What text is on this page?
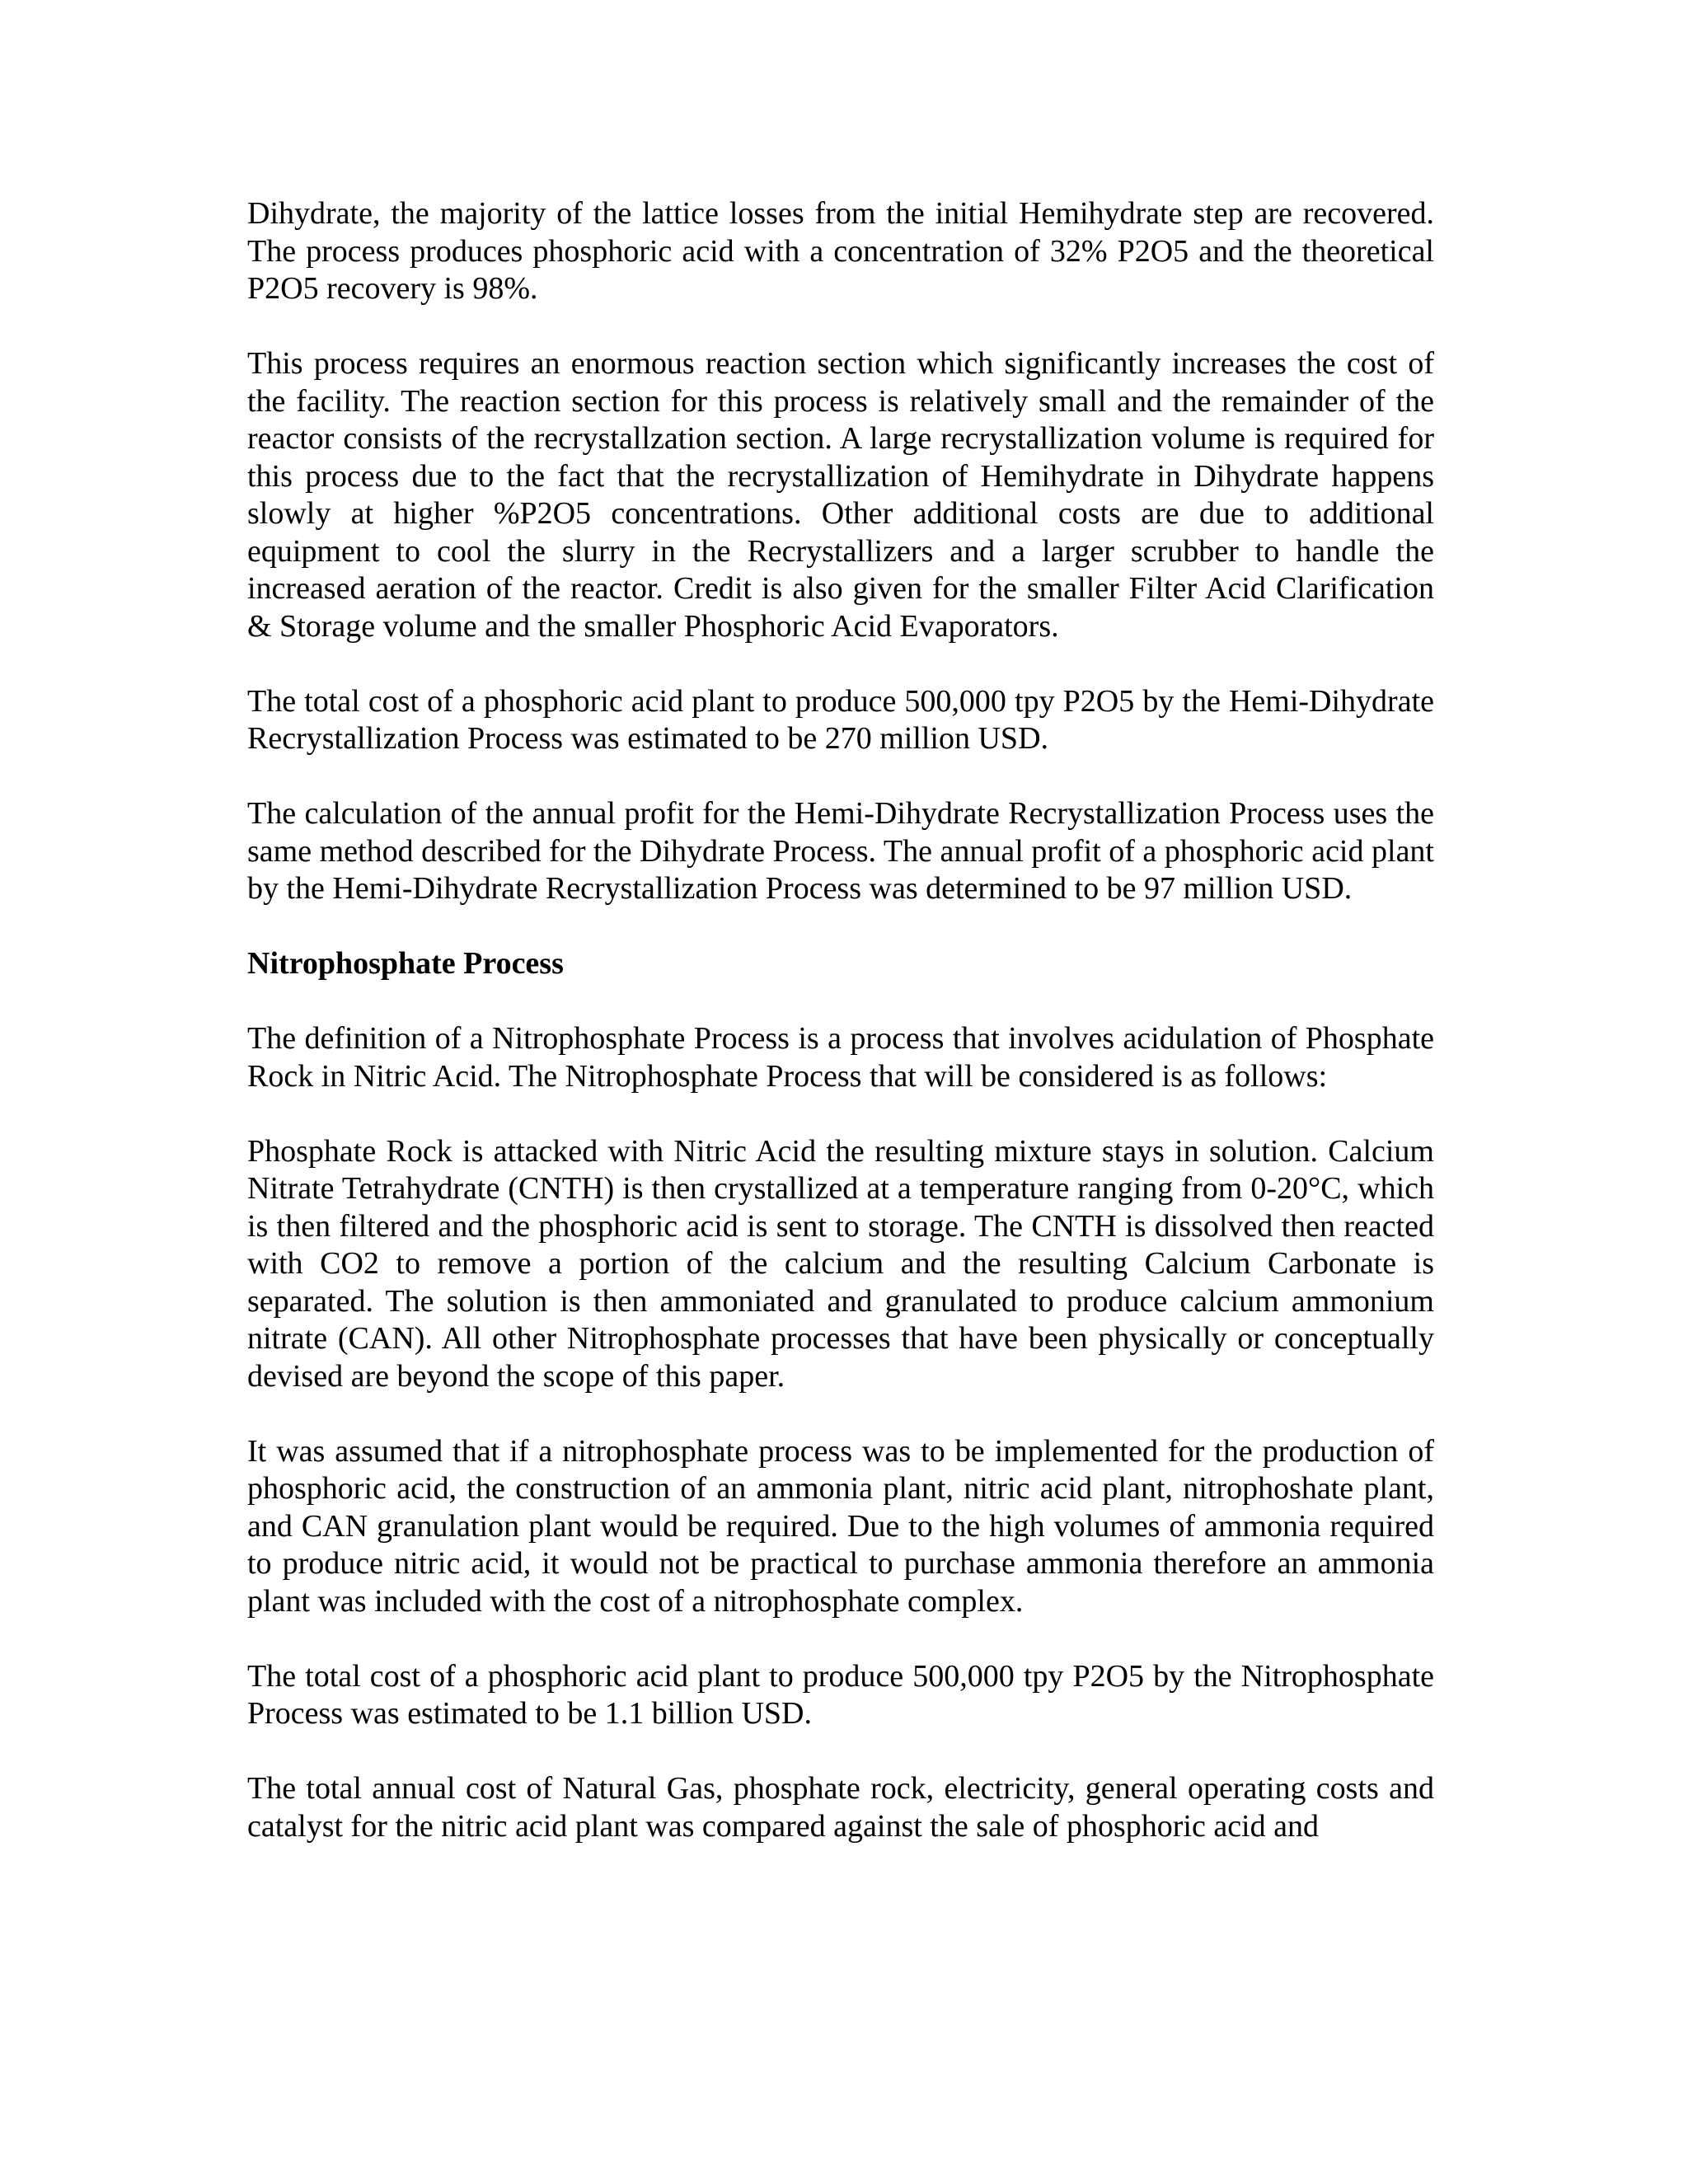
Dihydrate, the majority of the lattice losses from the initial Hemihydrate step are recovered. The process produces phosphoric acid with a concentration of 32% P2O5 and the theoretical P2O5 recovery is 98%.

This process requires an enormous reaction section which significantly increases the cost of the facility. The reaction section for this process is relatively small and the remainder of the reactor consists of the recrystallzation section. A large recrystallization volume is required for this process due to the fact that the recrystallization of Hemihydrate in Dihydrate happens slowly at higher %P2O5 concentrations. Other additional costs are due to additional equipment to cool the slurry in the Recrystallizers and a larger scrubber to handle the increased aeration of the reactor. Credit is also given for the smaller Filter Acid Clarification & Storage volume and the smaller Phosphoric Acid Evaporators.

The total cost of a phosphoric acid plant to produce 500,000 tpy P2O5 by the Hemi-Dihydrate Recrystallization Process was estimated to be 270 million USD.

The calculation of the annual profit for the Hemi-Dihydrate Recrystallization Process uses the same method described for the Dihydrate Process. The annual profit of a phosphoric acid plant by the Hemi-Dihydrate Recrystallization Process was determined to be 97 million USD.

Nitrophosphate Process

The definition of a Nitrophosphate Process is a process that involves acidulation of Phosphate Rock in Nitric Acid. The Nitrophosphate Process that will be considered is as follows:

Phosphate Rock is attacked with Nitric Acid the resulting mixture stays in solution. Calcium Nitrate Tetrahydrate (CNTH) is then crystallized at a temperature ranging from 0-20°C, which is then filtered and the phosphoric acid is sent to storage. The CNTH is dissolved then reacted with CO2 to remove a portion of the calcium and the resulting Calcium Carbonate is separated. The solution is then ammoniated and granulated to produce calcium ammonium nitrate (CAN). All other Nitrophosphate processes that have been physically or conceptually devised are beyond the scope of this paper.

It was assumed that if a nitrophosphate process was to be implemented for the production of phosphoric acid, the construction of an ammonia plant, nitric acid plant, nitrophoshate plant, and CAN granulation plant would be required. Due to the high volumes of ammonia required to produce nitric acid, it would not be practical to purchase ammonia therefore an ammonia plant was included with the cost of a nitrophosphate complex.

The total cost of a phosphoric acid plant to produce 500,000 tpy P2O5 by the Nitrophosphate Process was estimated to be 1.1 billion USD.

The total annual cost of Natural Gas, phosphate rock, electricity, general operating costs and catalyst for the nitric acid plant was compared against the sale of phosphoric acid and
